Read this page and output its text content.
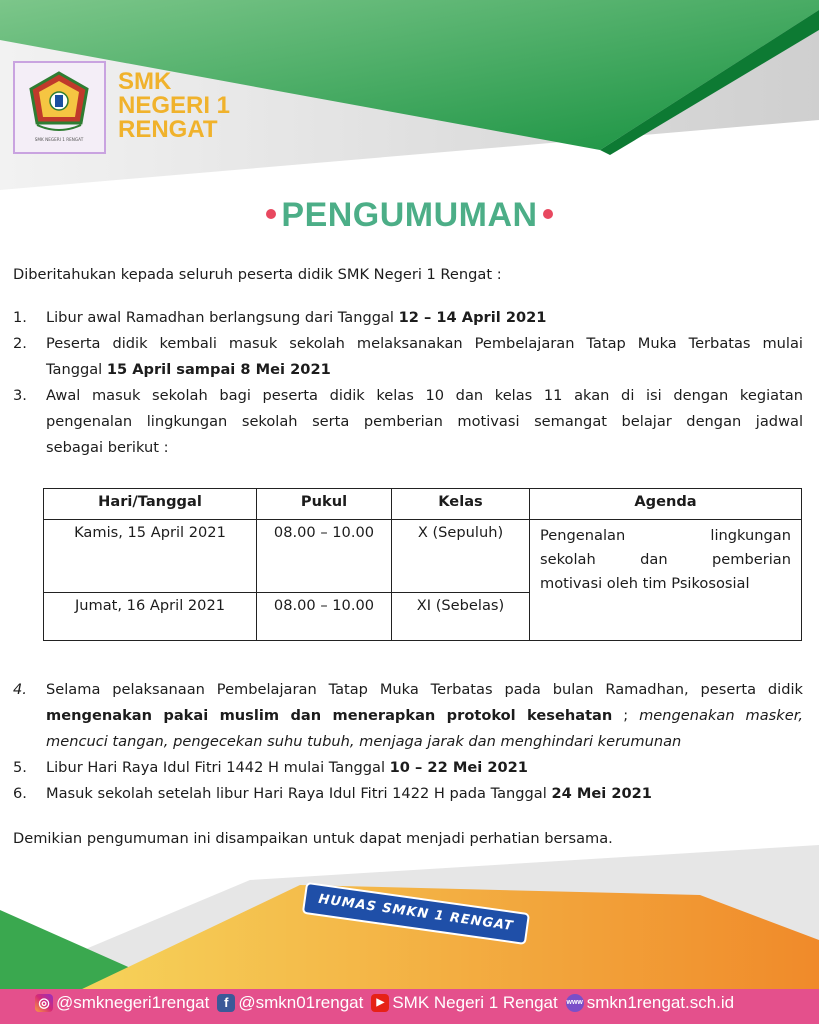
SMK NEGERI 1 RENGAT
SMK
NEGERI 1
RENGAT
PENGUMUMAN
Diberitahukan kepada seluruh peserta didik SMK Negeri 1 Rengat :
1.	Libur awal Ramadhan berlangsung dari Tanggal 12 – 14 April 2021
2.	Peserta didik kembali masuk sekolah melaksanakan Pembelajaran Tatap Muka Terbatas mulai
Tanggal 15 April sampai 8 Mei 2021
3.	Awal masuk sekolah bagi peserta didik kelas 10 dan kelas 11 akan di isi dengan kegiatan
pengenalan lingkungan sekolah serta pemberian motivasi semangat belajar dengan jadwal
sebagai berikut :
Hari/Tanggal	Pukul	Kelas	Agenda
Kamis, 15 April 2021	08.00 – 10.00	X (Sepuluh)	Pengenalan lingkungan
sekolah dan pemberian
motivasi oleh tim Psikososial

Jumat, 16 April 2021	08.00 – 10.00	XI (Sebelas)	
4.	Selama pelaksanaan Pembelajaran Tatap Muka Terbatas pada bulan Ramadhan, peserta didik
mengenakan pakai muslim dan menerapkan protokol kesehatan ; mengenakan masker,
mencuci tangan, pengecekan suhu tubuh, menjaga jarak dan menghindari kerumunan
5.	Libur Hari Raya Idul Fitri 1442 H mulai Tanggal 10 – 22 Mei 2021
6.	Masuk sekolah setelah libur Hari Raya Idul Fitri 1422 H pada Tanggal 24 Mei 2021
Demikian pengumuman ini disampaikan untuk dapat menjadi perhatian bersama.
HUMAS SMKN 1 RENGAT
◎ @smknegeri1rengat	f @smkn01rengat	▶ SMK Negeri 1 Rengat www smkn1rengat.sch.id
